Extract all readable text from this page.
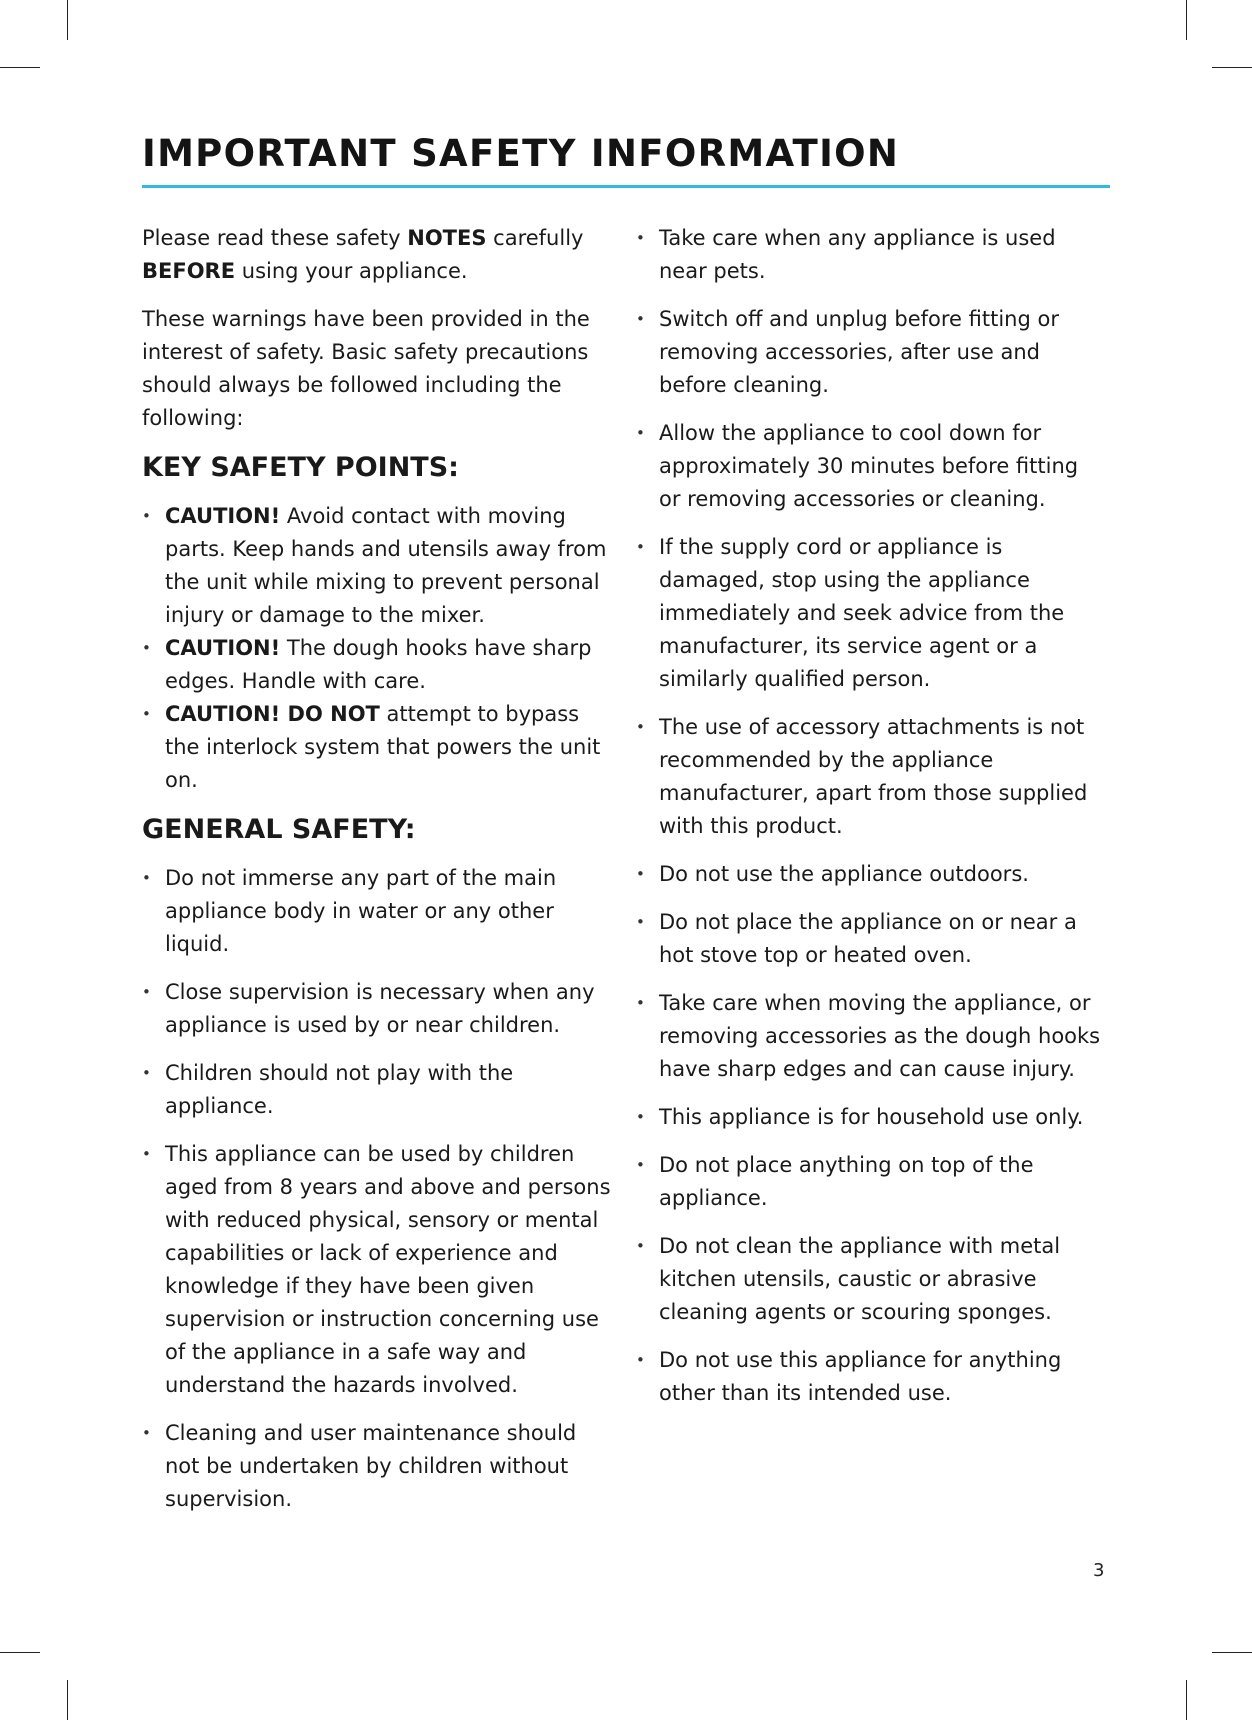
IMPORTANT SAFETY INFORMATION

Please read these safety NOTES carefully BEFORE using your appliance.

These warnings have been provided in the interest of safety. Basic safety precautions should always be followed including the following:

KEY SAFETY POINTS:
• CAUTION! Avoid contact with moving parts. Keep hands and utensils away from the unit while mixing to prevent personal injury or damage to the mixer.
• CAUTION! The dough hooks have sharp edges. Handle with care.
• CAUTION! DO NOT attempt to bypass the interlock system that powers the unit on.
GENERAL SAFETY:
• Do not immerse any part of the main appliance body in water or any other liquid.
• Close supervision is necessary when any appliance is used by or near children.
• Children should not play with the appliance.
• This appliance can be used by children aged from 8 years and above and persons with reduced physical, sensory or mental capabilities or lack of experience and knowledge if they have been given supervision or instruction concerning use of the appliance in a safe way and understand the hazards involved.
• Cleaning and user maintenance should not be undertaken by children without supervision.
• Take care when any appliance is used near pets.
• Switch off and unplug before fitting or removing accessories, after use and before cleaning.
• Allow the appliance to cool down for approximately 30 minutes before fitting or removing accessories or cleaning.
• If the supply cord or appliance is damaged, stop using the appliance immediately and seek advice from the manufacturer, its service agent or a similarly qualified person.
• The use of accessory attachments is not recommended by the appliance manufacturer, apart from those supplied with this product.
• Do not use the appliance outdoors.
• Do not place the appliance on or near a hot stove top or heated oven.
• Take care when moving the appliance, or removing accessories as the dough hooks have sharp edges and can cause injury.
• This appliance is for household use only.
• Do not place anything on top of the appliance.
• Do not clean the appliance with metal kitchen utensils, caustic or abrasive cleaning agents or scouring sponges.
• Do not use this appliance for anything other than its intended use.
3
